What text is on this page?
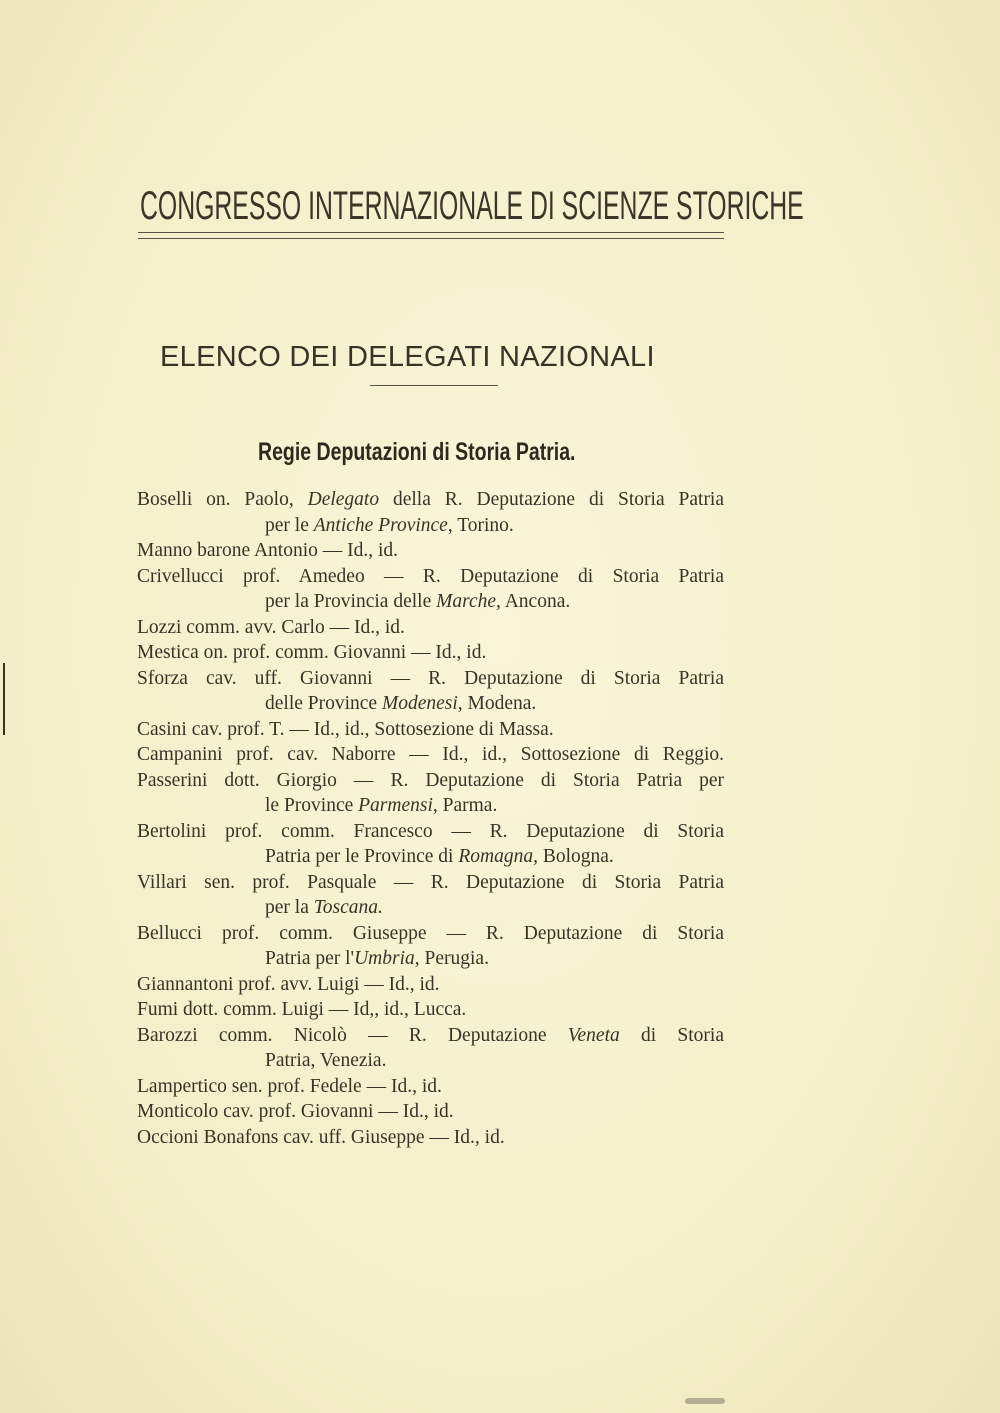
CONGRESSO INTERNAZIONALE DI SCIENZE STORICHE
ELENCO DEI DELEGATI NAZIONALI
Regie Deputazioni di Storia Patria.
Boselli on. Paolo, Delegato della R. Deputazione di Storia Patria
per le Antiche Province, Torino.
Manno barone Antonio — Id., id.
Crivellucci prof. Amedeo — R. Deputazione di Storia Patria
per la Provincia delle Marche, Ancona.
Lozzi comm. avv. Carlo — Id., id.
Mestica on. prof. comm. Giovanni — Id., id.
Sforza cav. uff. Giovanni — R. Deputazione di Storia Patria
delle Province Modenesi, Modena.
Casini cav. prof. T. — Id., id., Sottosezione di Massa.
Campanini prof. cav. Naborre — Id., id., Sottosezione di Reggio.
Passerini dott. Giorgio — R. Deputazione di Storia Patria per
le Province Parmensi, Parma.
Bertolini prof. comm. Francesco — R. Deputazione di Storia
Patria per le Province di Romagna, Bologna.
Villari sen. prof. Pasquale — R. Deputazione di Storia Patria
per la Toscana.
Bellucci prof. comm. Giuseppe — R. Deputazione di Storia
Patria per l'Umbria, Perugia.
Giannantoni prof. avv. Luigi — Id., id.
Fumi dott. comm. Luigi — Id,, id., Lucca.
Barozzi comm. Nicolò — R. Deputazione Veneta di Storia
Patria, Venezia.
Lampertico sen. prof. Fedele — Id., id.
Monticolo cav. prof. Giovanni — Id., id.
Occioni Bonafons cav. uff. Giuseppe — Id., id.
